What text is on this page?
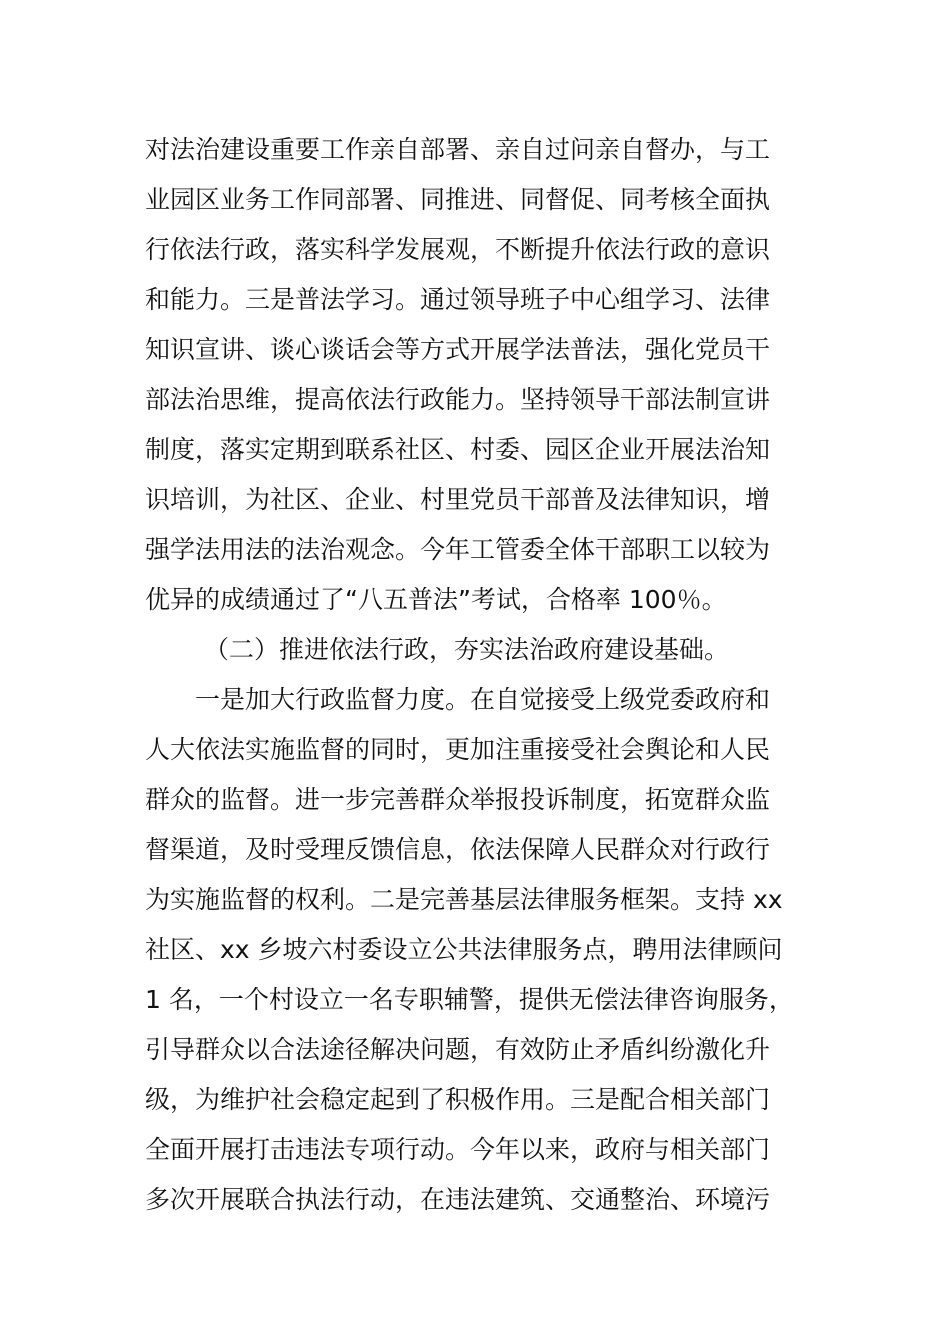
对法治建设重要工作亲自部署、亲自过问亲自督办，与工
业园区业务工作同部署、同推进、同督促、同考核全面执
行依法行政，落实科学发展观，不断提升依法行政的意识
和能力。三是普法学习。通过领导班子中心组学习、法律
知识宣讲、谈心谈话会等方式开展学法普法，强化党员干
部法治思维，提高依法行政能力。坚持领导干部法制宣讲
制度，落实定期到联系社区、村委、园区企业开展法治知
识培训，为社区、企业、村里党员干部普及法律知识，增
强学法用法的法治观念。今年工管委全体干部职工以较为
优异的成绩通过了“八五普法”考试，合格率 100％。
（二）推进依法行政，夯实法治政府建设基础。
一是加大行政监督力度。在自觉接受上级党委政府和
人大依法实施监督的同时，更加注重接受社会舆论和人民
群众的监督。进一步完善群众举报投诉制度，拓宽群众监
督渠道，及时受理反馈信息，依法保障人民群众对行政行
为实施监督的权利。二是完善基层法律服务框架。支持 xx
社区、xx 乡坡六村委设立公共法律服务点，聘用法律顾问
1 名，一个村设立一名专职辅警，提供无偿法律咨询服务，
引导群众以合法途径解决问题，有效防止矛盾纠纷激化升
级，为维护社会稳定起到了积极作用。三是配合相关部门
全面开展打击违法专项行动。今年以来，政府与相关部门
多次开展联合执法行动，在违法建筑、交通整治、环境污
